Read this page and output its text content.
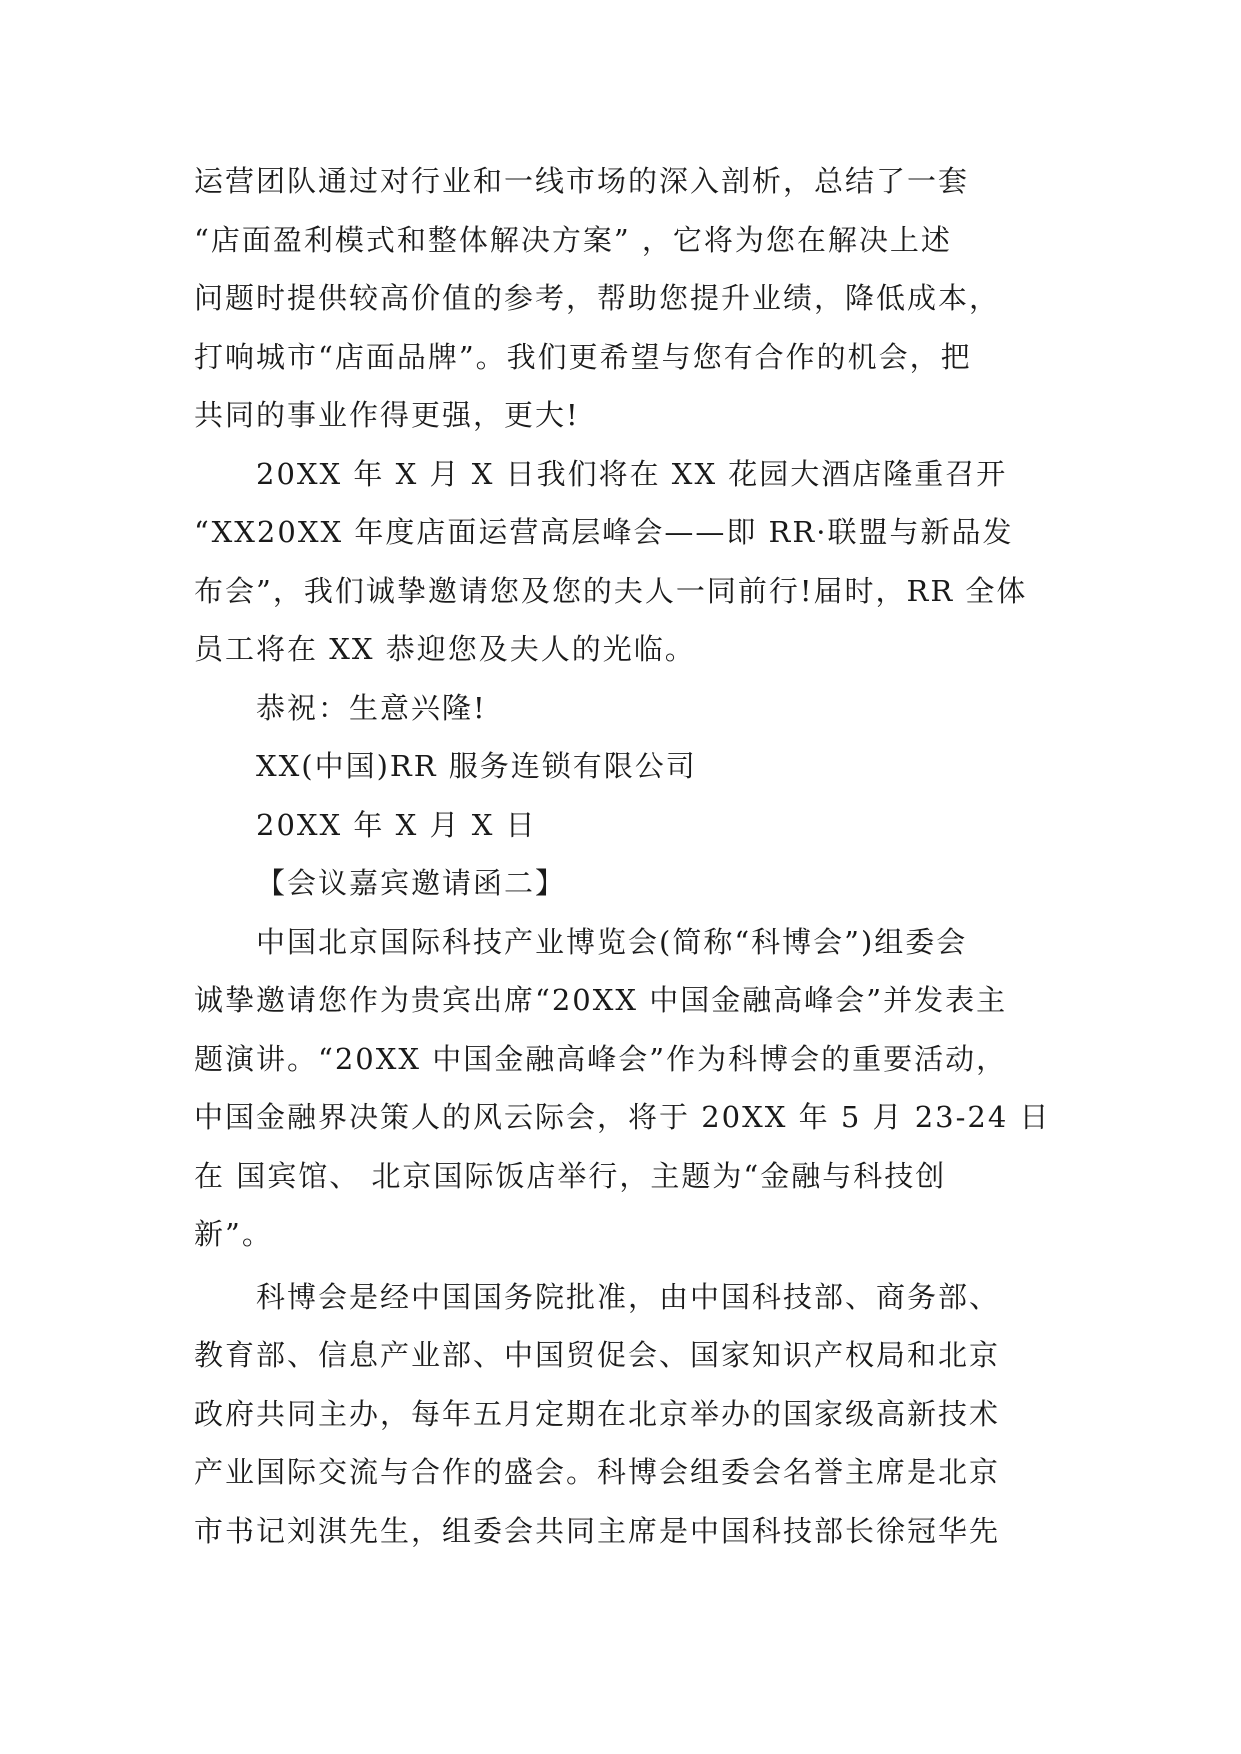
运营团队通过对行业和一线市场的深入剖析，总结了一套
“店面盈利模式和整体解决方案” ，它将为您在解决上述
问题时提供较高价值的参考，帮助您提升业绩，降低成本，
打响城市“店面品牌”。我们更希望与您有合作的机会，把
共同的事业作得更强，更大!
20XX 年 X 月 X 日我们将在 XX 花园大酒店隆重召开
“XX20XX 年度店面运营高层峰会——即 RR·联盟与新品发
布会”，我们诚挚邀请您及您的夫人一同前行!届时，RR 全体
员工将在 XX 恭迎您及夫人的光临。
恭祝：生意兴隆!
XX(中国)RR 服务连锁有限公司
20XX 年 X 月 X 日
【会议嘉宾邀请函二】
中国北京国际科技产业博览会(简称“科博会”)组委会
诚挚邀请您作为贵宾出席“20XX 中国金融高峰会”并发表主
题演讲。“20XX 中国金融高峰会”作为科博会的重要活动，
中国金融界决策人的风云际会，将于 20XX 年 5 月 23-24 日
在 国宾馆、 北京国际饭店举行，主题为“金融与科技创
新”。
科博会是经中国国务院批准，由中国科技部、商务部、
教育部、信息产业部、中国贸促会、国家知识产权局和北京
政府共同主办，每年五月定期在北京举办的国家级高新技术
产业国际交流与合作的盛会。科博会组委会名誉主席是北京
市书记刘淇先生，组委会共同主席是中国科技部长徐冠华先
